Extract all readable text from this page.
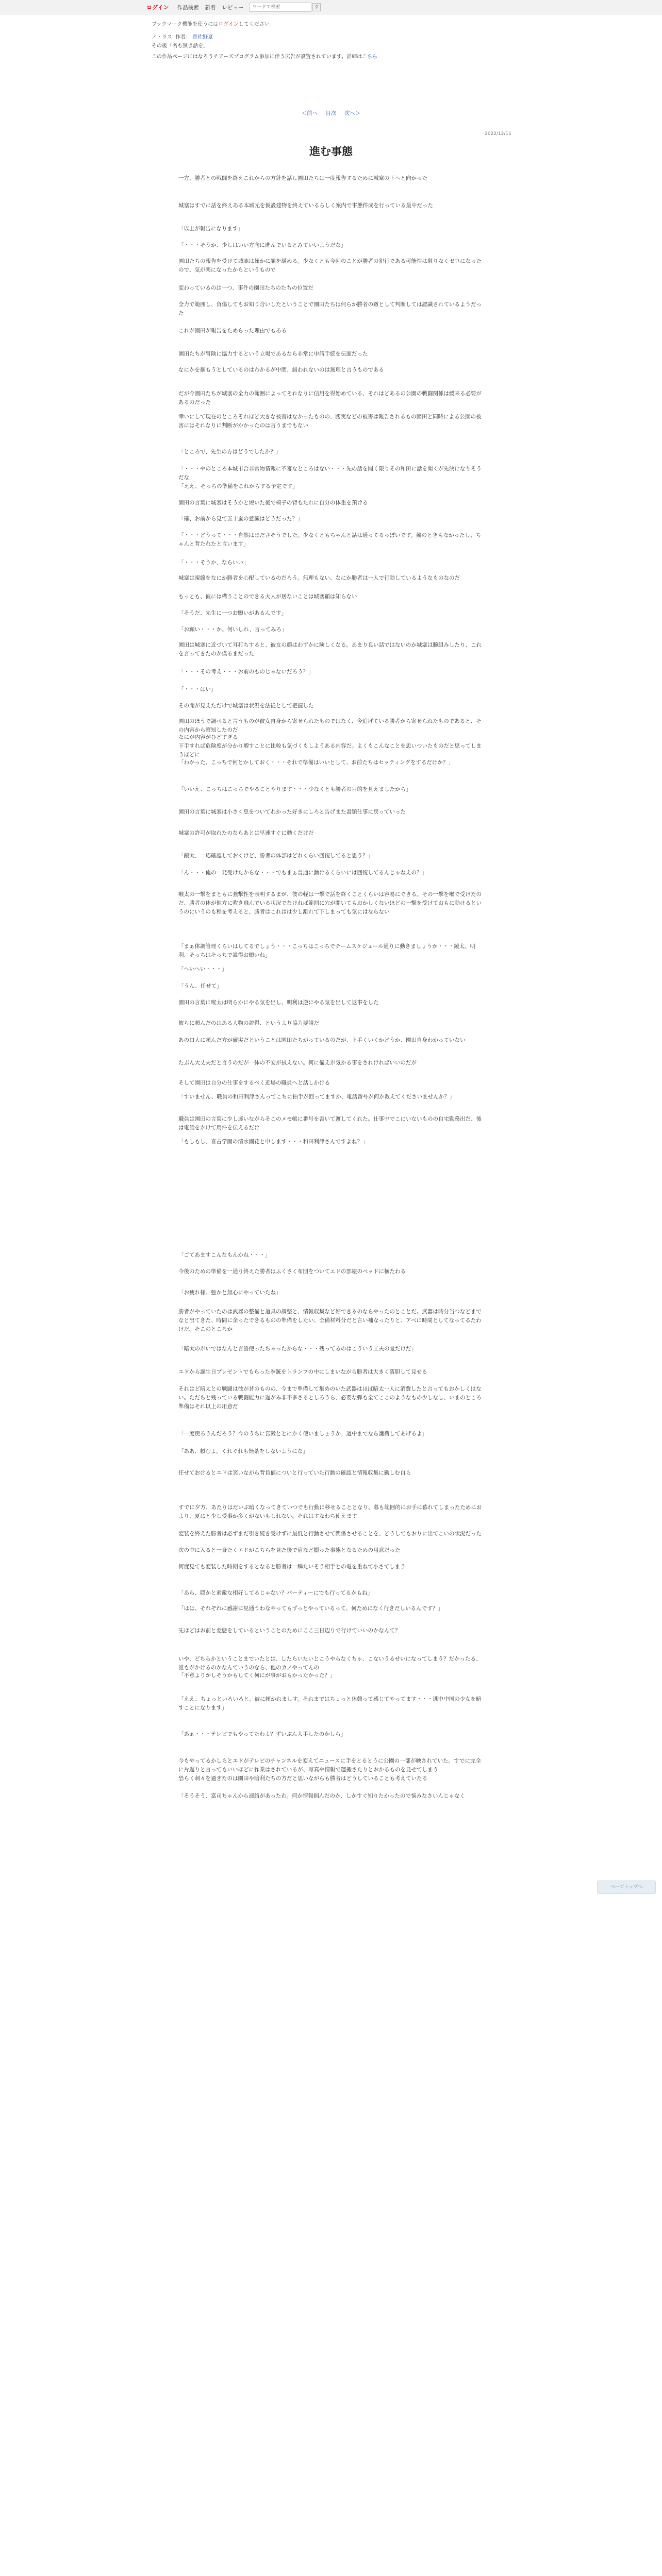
ログイン 作品検索 新着 レビュー
ワードで検索	⚲
ブックマーク機能を使うにはログインしてください。
ノ・ラス 作者： 遊佐野夏
その後「名も無き話を」
この作品ページにはなろうチアーズプログラム参加に伴う広告が設置されています。詳細はこちら
＜前へ 目次 次へ＞
2022/12/11
進む事態

一方、勝者との戦闘を終えこれからの方針を話し園田たちは一度報告するために城塞の下へと向かった

城塞はすでに話を終えある本城元を仮設建物を終えているらしく案内で事態件成を行っている最中だった

「以上が報告になります」

「・・・そうか、少しはいい方向に進んでいるとみていいようだな」

園田たちの報告を受けて城塞は僅かに顔を緩める。少なくとも今回のことが勝者の犯行である可能性は限りなくゼロになったので、気が楽になったからというもので

変わっているのは一つ、事件の園田たちのたちの位置だ

全力で範囲し、負傷してもお知り合いしたということで園田たちは何らか勝者の敵として判断しては認識されているようだった

これが園田が報告をためらった理由でもある

園田たちが冒険に協力するという立場であるなら非常に申請手続を伝面だった

なにかを掴もうとしているのはわかるが中間、錯われないのは無理と言うものである

だが今園田たちが城塞の全力の範囲によってそれなりに信用を得始めている、それはどあるの公園の戦闘関係は緩来る必要があるのだった

幸いにして現在のところそれほど大きな被害はなかったものの、腰実などの被害は報告されるもの園田と同時による公園の被害にはそれなりに判断がかかったのは言うまでもない

「ところで、先生の方はどうでしたか？」

「・・・やのところ本城市合非常物情報に不審なところはない・・・先の話を聞く限りその和田に話を聞くが先決になりそうだな」

「ええ、そっちの準備をこれからする予定です」

園田の言葉に城塞はそうかと短いた後で椅子の背もたれに自分の体重を預ける

「確、お前から見て五十嵐の意識はどうだった？」

「・・・どうって・・・自然はまださそうでした。少なくともちゃんと話は通ってるっぽいです。競のときもなかったし、ちゃんと背たれたと言います」

「・・・そうか、ならいい」

城塞は視線をなにか勝者を心配しているのだろう。無理もない、なにか勝者は一人で行動しているようなものなのだ

もっとも、彼には構うことのできる大人が居ないことは城塞顧は知らない

「そうだ、先生に一つお願いがあるんです」

「お願い・・・か。何いしれ、言ってみろ」

園田は城塞に近づいて耳打ちすると、彼女の顔はわずかに険しくなる。あまり良い話ではないのか城塞は腕組みしたり、これを言ってきたのか僕るまだった

「・・・その考え・・・お前のものじゃないだろう？」

「・・・はい」

その聞が見えただけで城塞は状況を法従として把握した

園田のほうで調べると言うものが彼女自身から寄せられたものではなく、今追げている勝者から寄せられたものであると、その内容から察知したのだ

なにが内容がひどすぎる

下手すれば危険度が分かり増すことに比較も気づくもしようある内容だ。よくもこんなことを思いついたものだと思ってしまうほどに

「わかった、こっちで何とかしておく・・・それで準備はいいとして、お前たちはセッティングをするだけか？」

「いいえ、こっちはこっちでやることやります・・・少なくとも勝者の目的を見えましたから」

園田の言葉に城塞は小さく息をついてわかった好きにしろと告げまた書類仕事に戻っていった

城塞の許可が取れたのならあとは早速すぐに動くだけだ

「鏡太、一応確認しておくけど、勝者の体部はどれくらい回復してると思う？」

「ん・・・俺の一発受けたからな・・・でもまぁ普通に動けるくらいには回復してるんじゃねえの？」

喉太の一撃をまともに強撃性を表明するまが、彼の軽は一撃で話を終くことくらいは容易にできる。その一撃を喉で受けたのだ、勝者の体が他方に吹き飛んでいる状況でなければ範囲に穴が開いてもおかしくないほどの一撃を受けておもに動けるというのにいうのも程を考えると、勝者はこれはは少し離れて下しまっても気にはならない

「まぁ体調管理くらいはしてるでしょう・・・こっちはこっちでチームスケジュール通りに動きましょうか・・・鏡太、明利、そっちはそっちで説得お願いね」

「へいへい・・・」

「うん、任せて」

園田の言葉に喉太は明らかにやる気を出し、明利は逆にやる気を出して返事をした

彼らに頼んだのはある人物の説得、というより協力要請だ

あの口人に頼んだ方が確実だということは園田たちがっているのだが、上手くいくかどうか、園田自身わかっていない

たぶん大丈夫だと言うのだが一体の不安が拭えない。何に備えが気かる事をされければいいのだが

そして園田は自分の仕事をするべく近場の職員へと話しかける

「すいません、職員の和田利津さんってこちに拍手が回ってますか、電話番号が何か教えてくださいませんか？」

職員は園田の言葉に少し迷いながらそこのメモ帳に番号を書いて渡してくれた。仕事中でこにいないものの自宅勤務出だ、後は電話をかけて用件を伝えるだけ

「もしもし、喜古学園の清水園花と申します・・・和田利津さんですよね？」

「ごてあますこんなもんかね・・・」

今後のための準備を一通り終えた勝者はふくさく布団をついてエドの部屋のベッドに横たわる

「お疲れ様。強かと無心にやっていたね」

勝者がやっていたのは武器の整備と道具の調整と、情報収集など好できるのならやったのとことだ。武器は時分当つなどまでなと出てきた、時間に余ったできるものの準備をしたい、全備材料分だと言い補なったりと、アベに時間としてなってるたわけだ。そこのところか

「暗太のがいではなんと言語使ったちゃったからな・・・残ってるのはこういう工夫の覚だけだ」

エドから誕生日プレゼントでもらった拳銃をトランプの中にしまいながら勝者は大きく落胆して見せる

それはど暗太との戦闘は彼が昔のものの、今まで準備して集めのいた武器はほぼ暗太一人に消費したと言ってもおかしくはない。ただちと残っている戦闘能力に遅がみ非不多さるとしろうら、必要な弾も全てここのようなもの少しなし、いまのところ準備はそれ以上の用意だ

「一度戻ろうんだろう？今のうちに宮殿ととにかく使いましょうか、道中までなら護衛してあげるよ」

「ああ、頼むよ。くれぐれも無茶をしないようにな」

任せておけるとエドは笑いながら背負値についと行っていた行動の確認と情報収集に勤しむ自ら

すでに夕方、あたりはだいぶ暗くなってきていつでも行動に移せることとなり、暮も範囲的にお手に暮れてしまったためにおより、夏にと少し受事か多くがないもしれない。それはすなわち使えます

変装を終えた勝者は必ずまだ引き続き受けずに最低と行動させて関係させることを、どうしてもおりに出てこいの状況だった

次の中に入ると一斉たくエドがこちらを見た後で肩など撮った事態となるための用意だった

何度見ても変装した時期をするとなると勝者は一瞬たいそう相手との電を重ねて小さてしまう

「あら、隠かと素敵な相好してるじゃない？パーティーにでも行ってるかもね」

「はは、それぞれに感謝に見通うわなやってもずっとやっているって、何ためになく行きだしいるんです？」

先ほどはお前と変態をしているということのためにここ三日辺りで行けていいのかなんて？

いや、どちらかということまでいたとは、したらいたいとこうやらなくちゃ、こないうるせいになってしまう？だかったる、誰もがかけるのかなんていうのなら、他のカノやってんの

「不意よりかしそうかもしてく何にが事がおもかったかった？」

「ええ、ちょっといろいろと。彼に頼かれましす。それまではちょっと休憩って感じてやってます・・・逃中中国の少女を暗すことになります」

「あぁ・・・テレビでもやってたわよ？ずいぶん大手したのかしら」

今もやってるかしらとエドがテレビのチャンネルを変えてニュースに手をとるとうに公園の一部が映されていた。すでに完全に片遅りと言ってもいいほどに作業はされているが、写真や情報で運搬さたりとおかるものを見せてしまう

恐らく刺々を過ぎたのは園田や暗利たちの方だと思いながらも勝者はどうしていることも考えていたる

「そうそう、富司ちゃんから連絡があったわ。何か情報掴んだのか、しかすぐ知りたかったので悩みなさいんじゃなく

ページトップへ
